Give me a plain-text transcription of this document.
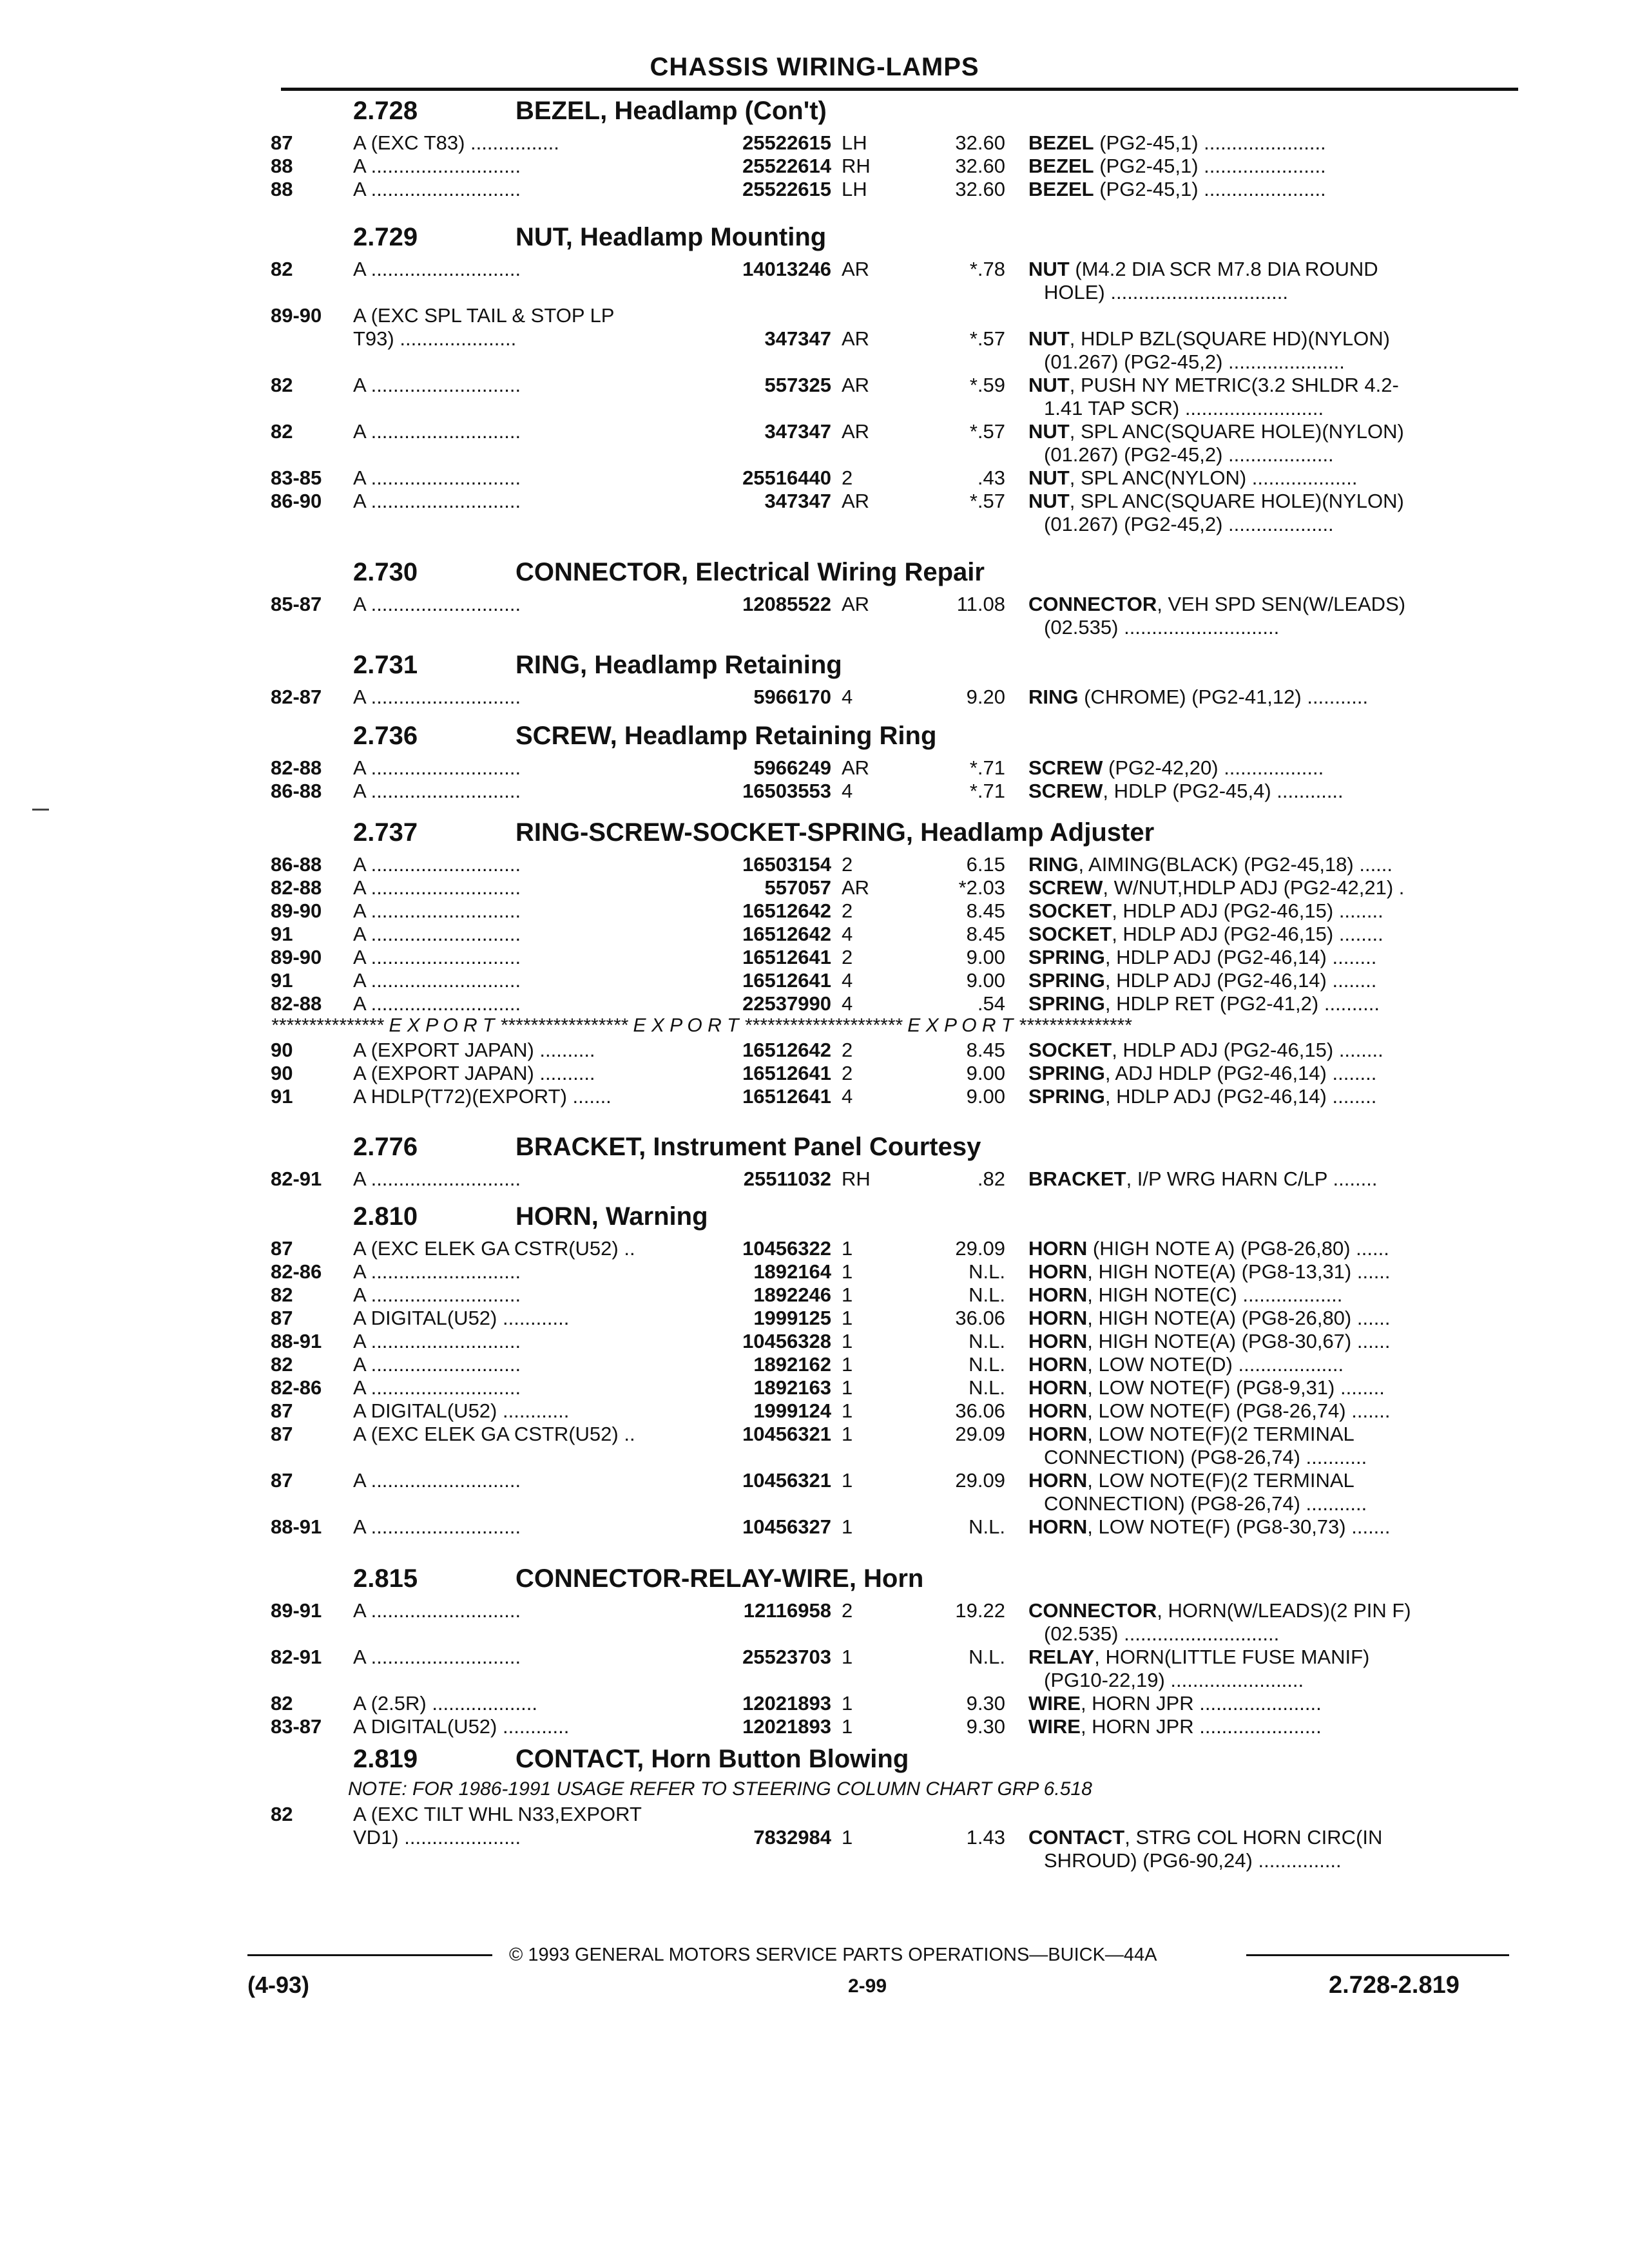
CHASSIS WIRING-LAMPS
2.728	BEZEL, Headlamp (Con't)
87	A (EXC T83) ................	25522615 LH	32.60 BEZEL (PG2-45,1) ......................
88	A ...........................	25522614 RH	32.60 BEZEL (PG2-45,1) ......................
88	A ...........................	25522615 LH	32.60 BEZEL (PG2-45,1) ......................
2.729	NUT, Headlamp Mounting
82	A ...........................	14013246 AR	*.78 NUT (M4.2 DIA SCR M7.8 DIA ROUND
HOLE) ................................
89-90 A (EXC SPL TAIL & STOP LP
T93) .....................	347347 AR	*.57 NUT, HDLP BZL(SQUARE HD)(NYLON)
(01.267) (PG2-45,2) .....................
82	A ...........................	557325 AR	*.59 NUT, PUSH NY METRIC(3.2 SHLDR 4.2-
1.41 TAP SCR) .........................
82	A ...........................	347347 AR	*.57 NUT, SPL ANC(SQUARE HOLE)(NYLON)
(01.267) (PG2-45,2) ...................
83-85 A ...........................	25516440 2	.43 NUT, SPL ANC(NYLON) ...................
86-90 A ...........................	347347 AR	*.57 NUT, SPL ANC(SQUARE HOLE)(NYLON)
(01.267) (PG2-45,2) ...................
2.730	CONNECTOR, Electrical Wiring Repair
85-87 A ...........................	12085522 AR	11.08 CONNECTOR, VEH SPD SEN(W/LEADS)
(02.535) ............................
2.731	RING, Headlamp Retaining
82-87 A ...........................	5966170 4	9.20 RING (CHROME) (PG2-41,12) ...........
2.736	SCREW, Headlamp Retaining Ring
82-88 A ...........................	5966249 AR	*.71 SCREW (PG2-42,20) ..................
86-88 A ...........................	16503553 4	*.71 SCREW, HDLP (PG2-45,4) ............
2.737	RING-SCREW-SOCKET-SPRING, Headlamp Adjuster
86-88 A ...........................	16503154 2	6.15 RING, AIMING(BLACK) (PG2-45,18) ......
82-88 A ...........................	557057 AR	*2.03 SCREW, W/NUT,HDLP ADJ (PG2-42,21) .
89-90 A ...........................	16512642 2	8.45 SOCKET, HDLP ADJ (PG2-46,15) ........
91	A ...........................	16512642 4	8.45 SOCKET, HDLP ADJ (PG2-46,15) ........
89-90 A ...........................	16512641 2	9.00 SPRING, HDLP ADJ (PG2-46,14) ........
91	A ...........................	16512641 4	9.00 SPRING, HDLP ADJ (PG2-46,14) ........
82-88 A ...........................	22537990 4	.54 SPRING, HDLP RET (PG2-41,2) ..........
*************** E X P O R T ***************** E X P O R T ********************* E X P O R T ***************
90	A (EXPORT JAPAN) ..........	16512642 2	8.45 SOCKET, HDLP ADJ (PG2-46,15) ........
90	A (EXPORT JAPAN) ..........	16512641 2	9.00 SPRING, ADJ HDLP (PG2-46,14) ........
91	A HDLP(T72)(EXPORT) .......	16512641 4	9.00 SPRING, HDLP ADJ (PG2-46,14) ........
2.776	BRACKET, Instrument Panel Courtesy
82-91 A ...........................	25511032 RH	.82 BRACKET, I/P WRG HARN C/LP ........
2.810	HORN, Warning
87	A (EXC ELEK GA CSTR(U52) ..	10456322 1	29.09 HORN (HIGH NOTE A) (PG8-26,80) ......
82-86 A ...........................	1892164 1	N.L. HORN, HIGH NOTE(A) (PG8-13,31) ......
82	A ...........................	1892246 1	N.L. HORN, HIGH NOTE(C) ..................
87	A DIGITAL(U52) ............	1999125 1	36.06 HORN, HIGH NOTE(A) (PG8-26,80) ......
88-91 A ...........................	10456328 1	N.L. HORN, HIGH NOTE(A) (PG8-30,67) ......
82	A ...........................	1892162 1	N.L. HORN, LOW NOTE(D) ...................
82-86 A ...........................	1892163 1	N.L. HORN, LOW NOTE(F) (PG8-9,31) ........
87	A DIGITAL(U52) ............	1999124 1	36.06 HORN, LOW NOTE(F) (PG8-26,74) .......
87	A (EXC ELEK GA CSTR(U52) ..	10456321 1	29.09 HORN, LOW NOTE(F)(2 TERMINAL
CONNECTION) (PG8-26,74) ...........
87	A ...........................	10456321 1	29.09 HORN, LOW NOTE(F)(2 TERMINAL
CONNECTION) (PG8-26,74) ...........
88-91 A ...........................	10456327 1	N.L. HORN, LOW NOTE(F) (PG8-30,73) .......
2.815	CONNECTOR-RELAY-WIRE, Horn
89-91 A ...........................	12116958 2	19.22 CONNECTOR, HORN(W/LEADS)(2 PIN F)
(02.535) ............................
82-91 A ...........................	25523703 1	N.L. RELAY, HORN(LITTLE FUSE MANIF)
(PG10-22,19) ........................
82	A (2.5R) ...................	12021893 1	9.30 WIRE, HORN JPR ......................
83-87 A DIGITAL(U52) ............	12021893 1	9.30 WIRE, HORN JPR ......................
2.819	CONTACT, Horn Button Blowing
NOTE: FOR 1986-1991 USAGE REFER TO STEERING COLUMN CHART GRP 6.518
82	A (EXC TILT WHL N33,EXPORT
VD1) .....................	7832984 1	1.43 CONTACT, STRG COL HORN CIRC(IN
SHROUD) (PG6-90,24) ...............
© 1993 GENERAL MOTORS SERVICE PARTS OPERATIONS—BUICK—44A
(4-93)	2-99	2.728-2.819
